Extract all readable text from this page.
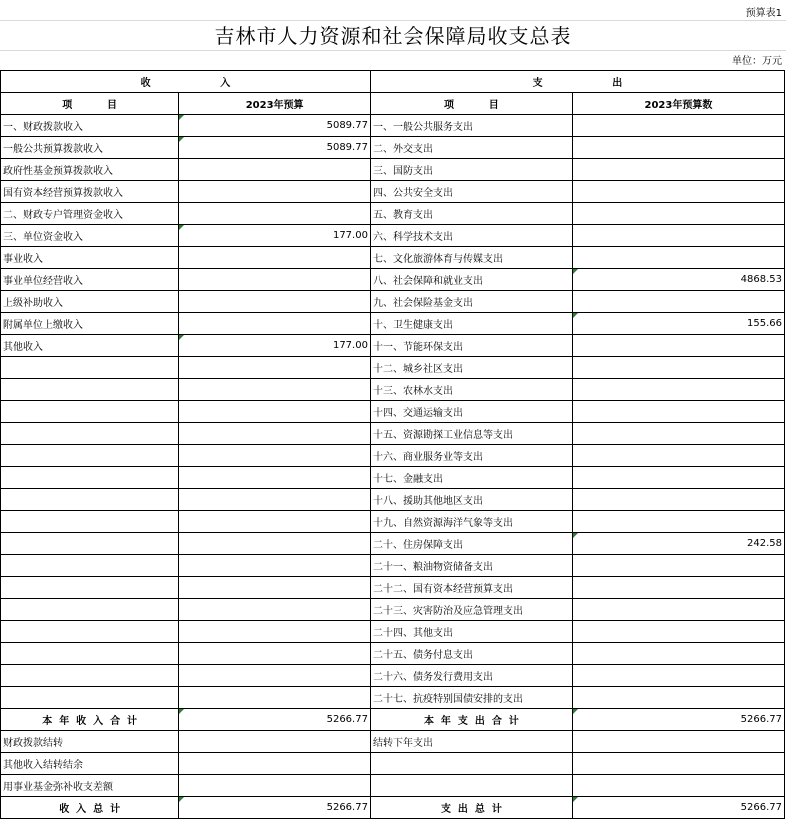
预算表1
吉林市人力资源和社会保障局收支总表
单位：万元
收                    入		支                    出	
项          目	2023年预算	项          目	2023年预算数
一、财政拨款收入	5089.77	一、一般公共服务支出	
一般公共预算拨款收入	5089.77	二、外交支出	
政府性基金预算拨款收入		三、国防支出	
国有资本经营预算拨款收入		四、公共安全支出	
二、财政专户管理资金收入		五、教育支出	
三、单位资金收入	177.00	六、科学技术支出	
事业收入		七、文化旅游体育与传媒支出	
事业单位经营收入		八、社会保障和就业支出	4868.53
上级补助收入		九、社会保险基金支出	
附属单位上缴收入		十、卫生健康支出	155.66
其他收入	177.00	十一、节能环保支出	
		十二、城乡社区支出	
		十三、农林水支出	
		十四、交通运输支出	
		十五、资源勘探工业信息等支出	
		十六、商业服务业等支出	
		十七、金融支出	
		十八、援助其他地区支出	
		十九、自然资源海洋气象等支出	
		二十、住房保障支出	242.58
		二十一、粮油物资储备支出	
		二十二、国有资本经营预算支出	
		二十三、灾害防治及应急管理支出	
		二十四、其他支出	
		二十五、债务付息支出	
		二十六、债务发行费用支出	
		二十七、抗疫特别国债安排的支出	
本  年  收  入  合  计	5266.77	本  年  支  出  合  计	5266.77
财政拨款结转		结转下年支出	
其他收入结转结余			
用事业基金弥补收支差额			
收  入  总  计	5266.77	支  出  总  计	5266.77
